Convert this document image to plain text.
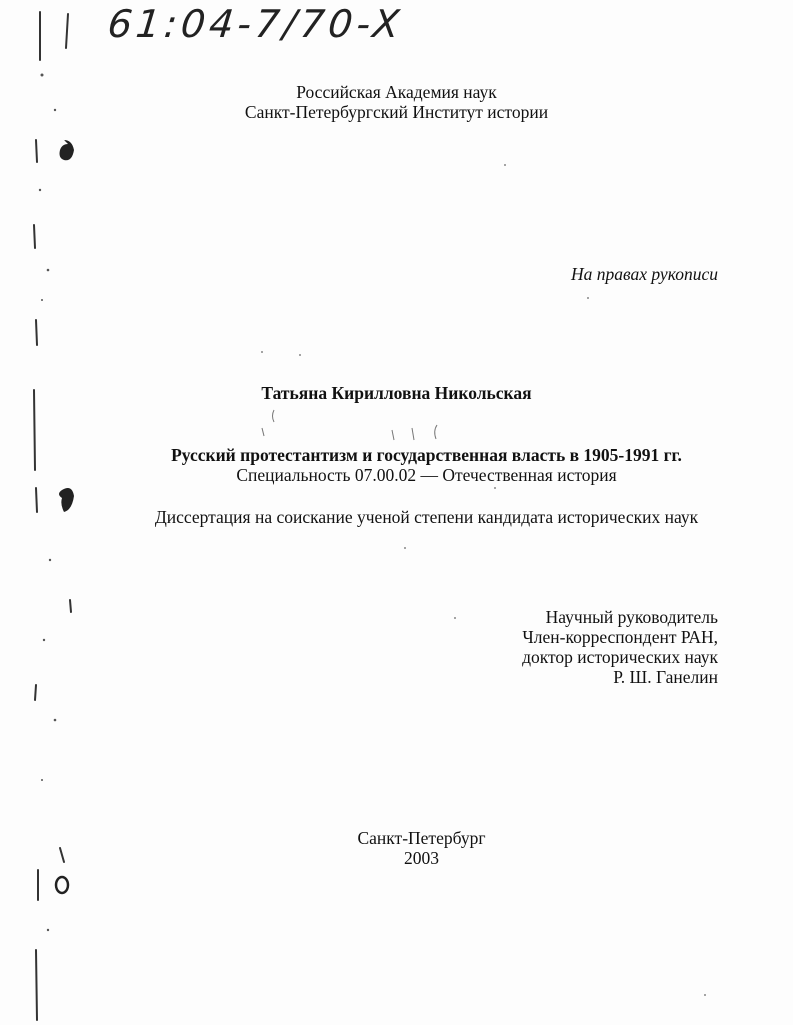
61:04-7/70-X
Российская Академия наук
Санкт-Петербургский Институт истории
На правах рукописи
Татьяна Кирилловна Никольская
Русский протестантизм и государственная власть в 1905-1991 гг.
Специальность 07.00.02 — Отечественная история
Диссертация на соискание ученой степени кандидата исторических наук
Научный руководитель
Член-корреспондент РАН,
доктор исторических наук
Р. Ш. Ганелин
Санкт-Петербург
2003
